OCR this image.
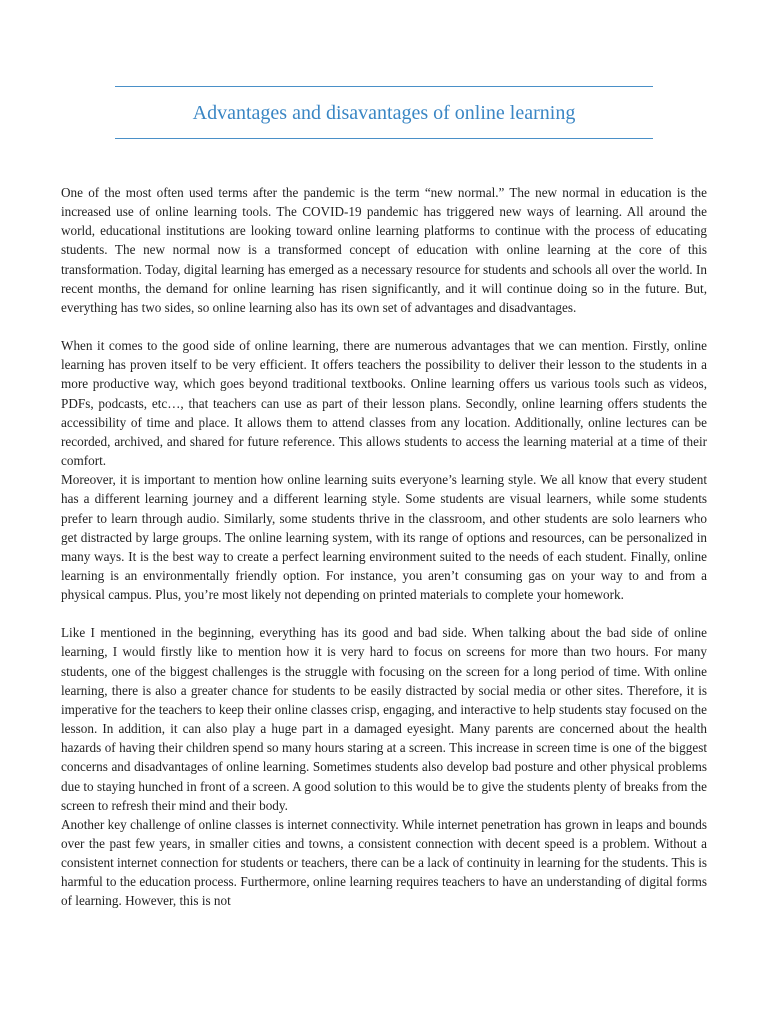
Advantages and disavantages of online learning

One of the most often used terms after the pandemic is the term “new normal.” The new normal in education is the increased use of online learning tools. The COVID-19 pandemic has triggered new ways of learning. All around the world, educational institutions are looking toward online learning platforms to continue with the process of educating students. The new normal now is a transformed concept of education with online learning at the core of this transformation. Today, digital learning has emerged as a necessary resource for students and schools all over the world. In recent months, the demand for online learning has risen significantly, and it will continue doing so in the future. But, everything has two sides, so online learning also has its own set of advantages and disadvantages.

When it comes to the good side of online learning, there are numerous advantages that we can mention. Firstly, online learning has proven itself to be very efficient. It offers teachers the possibility to deliver their lesson to the students in a more productive way, which goes beyond traditional textbooks. Online learning offers us various tools such as videos, PDFs, podcasts, etc…, that teachers can use as part of their lesson plans. Secondly, online learning offers students the accessibility of time and place. It allows them to attend classes from any location. Additionally, online lectures can be recorded, archived, and shared for future reference. This allows students to access the learning material at a time of their comfort.

Moreover, it is important to mention how online learning suits everyone’s learning style. We all know that every student has a different learning journey and a different learning style. Some students are visual learners, while some students prefer to learn through audio. Similarly, some students thrive in the classroom, and other students are solo learners who get distracted by large groups. The online learning system, with its range of options and resources, can be personalized in many ways. It is the best way to create a perfect learning environment suited to the needs of each student. Finally, online learning is an environmentally friendly option. For instance, you aren’t consuming gas on your way to and from a physical campus. Plus, you’re most likely not depending on printed materials to complete your homework.

Like I mentioned in the beginning, everything has its good and bad side. When talking about the bad side of online learning, I would firstly like to mention how it is very hard to focus on screens for more than two hours. For many students, one of the biggest challenges is the struggle with focusing on the screen for a long period of time. With online learning, there is also a greater chance for students to be easily distracted by social media or other sites. Therefore, it is imperative for the teachers to keep their online classes crisp, engaging, and interactive to help students stay focused on the lesson. In addition, it can also play a huge part in a damaged eyesight. Many parents are concerned about the health hazards of having their children spend so many hours staring at a screen. This increase in screen time is one of the biggest concerns and disadvantages of online learning. Sometimes students also develop bad posture and other physical problems due to staying hunched in front of a screen. A good solution to this would be to give the students plenty of breaks from the screen to refresh their mind and their body.

Another key challenge of online classes is internet connectivity. While internet penetration has grown in leaps and bounds over the past few years, in smaller cities and towns, a consistent connection with decent speed is a problem. Without a consistent internet connection for students or teachers, there can be a lack of continuity in learning for the students. This is harmful to the education process. Furthermore, online learning requires teachers to have an understanding of digital forms of learning. However, this is not
